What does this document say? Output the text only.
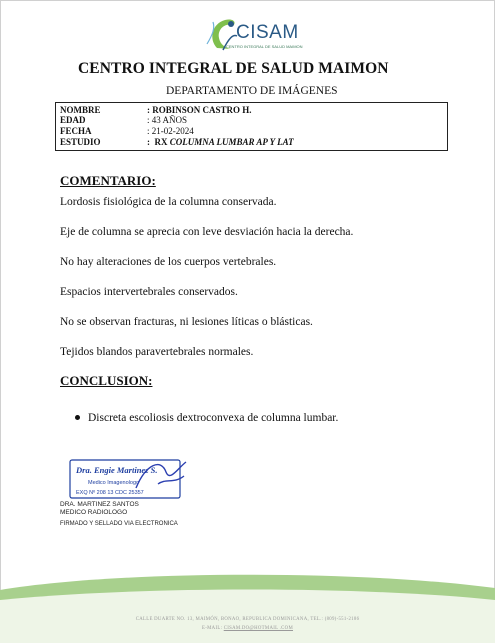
CISAM
CENTRO INTEGRAL DE SALUD MAIMON
CENTRO INTEGRAL DE SALUD MAIMON
DEPARTAMENTO DE IMÁGENES
NOMBRE	: ROBINSON CASTRO H.
EDAD	: 43 AÑOS
FECHA	: 21-02-2024
ESTUDIO	:  RX COLUMNA LUMBAR AP Y LAT
COMENTARIO:
Lordosis fisiológica de la columna conservada.
Eje de columna se aprecia con leve desviación hacia la derecha.
No hay alteraciones de los cuerpos vertebrales.
Espacios intervertebrales conservados.
No se observan fracturas, ni lesiones líticas o blásticas.
Tejidos blandos paravertebrales normales.
CONCLUSION:
Discreta escoliosis dextroconvexa de columna lumbar.
Dra. Engie Martinez S.
Medico Imagenologo
EXQ Nº 208 13 CDC 25357
DRA. MARTINEZ SANTOS
MEDICO RADIOLOGO
FIRMADO Y SELLADO VIA ELECTRONICA
CALLE DUARTE NO. 13, MAIMÓN, BONAO, REPUBLICA DOMINICANA, TEL.: (809)-551-2186
E-MAIL: CISAM.DO@HOTMAIL .COM
